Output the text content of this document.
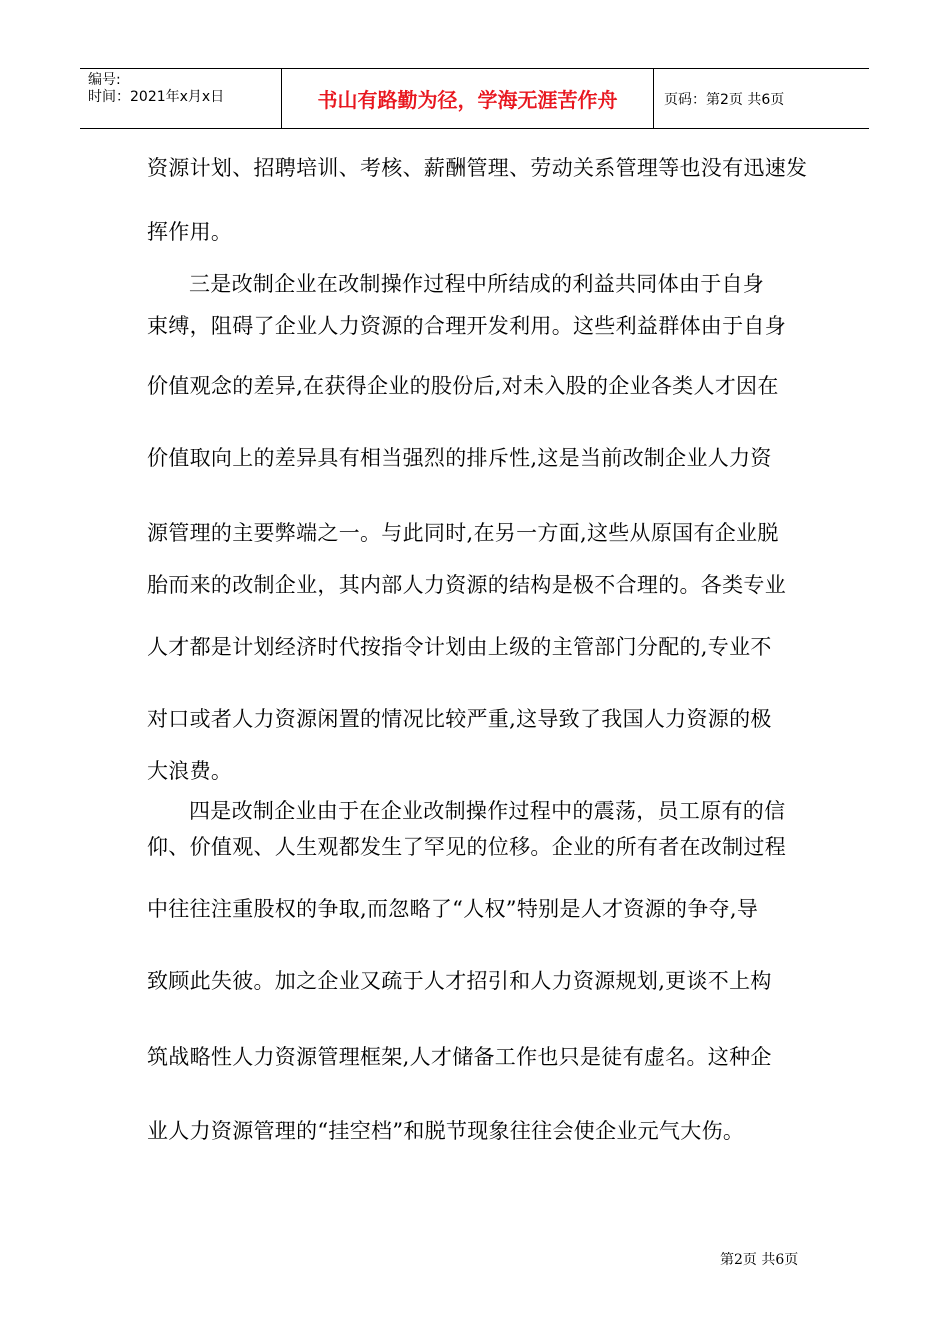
编号:
时间：2021年x月x日	书山有路勤为径，学海无涯苦作舟	页码：第2页 共6页
资源计划、招聘培训、考核、薪酬管理、劳动关系管理等也没有迅速发
挥作用。
三是改制企业在改制操作过程中所结成的利益共同体由于自身
束缚，阻碍了企业人力资源的合理开发利用。这些利益群体由于自身
价值观念的差异,在获得企业的股份后,对未入股的企业各类人才因在
价值取向上的差异具有相当强烈的排斥性,这是当前改制企业人力资
源管理的主要弊端之一。与此同时,在另一方面,这些从原国有企业脱
胎而来的改制企业，其内部人力资源的结构是极不合理的。各类专业
人才都是计划经济时代按指令计划由上级的主管部门分配的,专业不
对口或者人力资源闲置的情况比较严重,这导致了我国人力资源的极
大浪费。
四是改制企业由于在企业改制操作过程中的震荡，员工原有的信
仰、价值观、人生观都发生了罕见的位移。企业的所有者在改制过程
中往往注重股权的争取,而忽略了“人权”特别是人才资源的争夺,导
致顾此失彼。加之企业又疏于人才招引和人力资源规划,更谈不上构
筑战略性人力资源管理框架,人才储备工作也只是徒有虚名。这种企
业人力资源管理的“挂空档”和脱节现象往往会使企业元气大伤。
第2页 共6页
